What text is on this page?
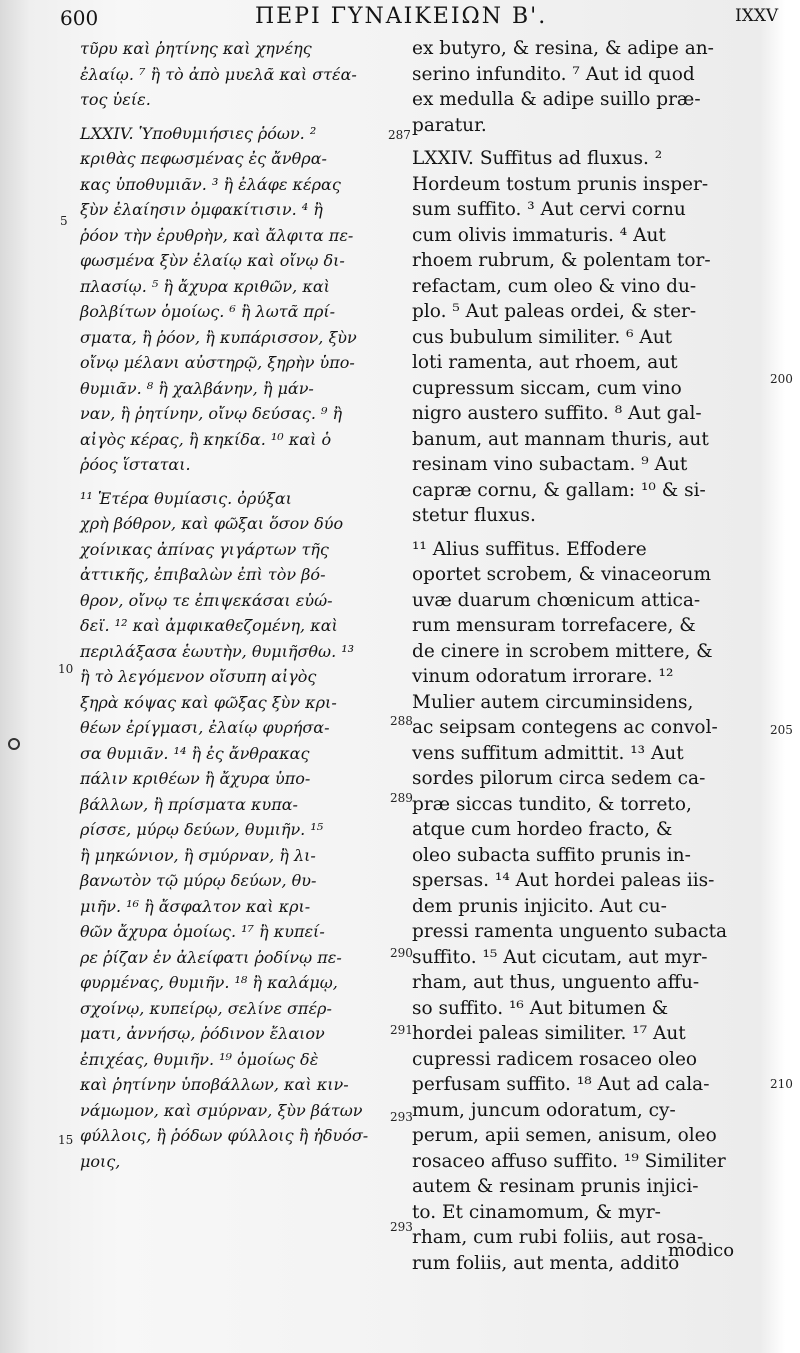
600	ΠΕΡΙ ΓΥΝΑΙΚΕΙΩΝ Β'.	ΙΧΧV
τῦρυ καὶ ῥητίνης καὶ χηνέης
ἐλαίῳ. ⁷ ἢ τὸ ἀπὸ μυελᾶ καὶ στέα-
τος ὑείε.
LXXIV. Ὑποθυμιήσιες ῥόων. ²
κριθὰς πεφωσμένας ἐς ἄνθρα-
κας ὑποθυμιᾶν. ³ ἢ ἐλάφε κέρας
ξὺν ἐλαίησιν ὀμφακίτισιν. ⁴ ἢ
ῥόον τὴν ἐρυθρὴν, καὶ ἄλφιτα πε-
φωσμένα ξὺν ἐλαίῳ καὶ οἴνῳ δι-
πλασίῳ. ⁵ ἢ ἄχυρα κριθῶν, καὶ
βολβίτων ὁμοίως. ⁶ ἢ λωτᾶ πρί-
σματα, ἢ ῥόον, ἢ κυπάρισσον, ξὺν
οἴνῳ μέλανι αὐστηρῷ, ξηρὴν ὑπο-
θυμιᾶν. ⁸ ἢ χαλβάνην, ἢ μάν-
ναν, ἢ ῥητίνην, οἴνῳ δεύσας. ⁹ ἢ
αἰγὸς κέρας, ἢ κηκίδα. ¹⁰ καὶ ὁ
ῥόος ἵσταται.
¹¹ Ἑτέρα θυμίασις. ὀρύξαι
χρὴ βόθρον, καὶ φῶξαι ὅσον δύο
χοίνικας ἀπίνας γιγάρτων τῆς
ἀττικῆς, ἐπιβαλὼν ἐπὶ τὸν βό-
θρον, οἴνῳ τε ἐπιψεκάσαι εὐώ-
δεϊ. ¹² καὶ ἀμφικαθεζομένη, καὶ
περιλάξασα ἑωυτὴν, θυμιῆσθω. ¹³
ἢ τὸ λεγόμενον οἴσυπη αἰγὸς
ξηρὰ κόψας καὶ φῶξας ξὺν κρι-
θέων ἐρίγμασι, ἐλαίῳ φυρήσα-
σα θυμιᾶν. ¹⁴ ἢ ἐς ἄνθρακας
πάλιν κριθέων ἢ ἄχυρα ὑπο-
βάλλων, ἢ πρίσματα κυπα-
ρίσσε, μύρῳ δεύων, θυμιῆν. ¹⁵
ἢ μηκώνιον, ἢ σμύρναν, ἢ λι-
βανωτὸν τῷ μύρῳ δεύων, θυ-
μιῆν. ¹⁶ ἢ ἄσφαλτον καὶ κρι-
θῶν ἄχυρα ὁμοίως. ¹⁷ ἢ κυπεί-
ρε ῥίζαν ἐν ἀλείφατι ῥοδίνῳ πε-
φυρμένας, θυμιῆν. ¹⁸ ἢ καλάμῳ,
σχοίνῳ, κυπείρῳ, σελίνε σπέρ-
ματι, ἀννήσῳ, ῥόδινον ἔλαιον
ἐπιχέας, θυμιῆν. ¹⁹ ὁμοίως δὲ
καὶ ῥητίνην ὑποβάλλων, καὶ κιν-
νάμωμον, καὶ σμύρναν, ξὺν βάτων
φύλλοις, ἢ ῥόδων φύλλοις ἢ ἡδυόσ-
μοις,
ex butyro, & resina, & adipe an-
serino infundito. ⁷ Aut id quod
ex medulla & adipe suillo præ-
paratur.
LXXIV. Suffitus ad fluxus. ²
Hordeum tostum prunis insper-
sum suffito. ³ Aut cervi cornu
cum olivis immaturis. ⁴ Aut
rhoem rubrum, & polentam tor-
refactam, cum oleo & vino du-
plo. ⁵ Aut paleas ordei, & ster-
cus bubulum similiter. ⁶ Aut
loti ramenta, aut rhoem, aut
cupressum siccam, cum vino
nigro austero suffito. ⁸ Aut gal-
banum, aut mannam thuris, aut
resinam vino subactam. ⁹ Aut
capræ cornu, & gallam: ¹⁰ & si-
stetur fluxus.
¹¹ Alius suffitus. Effodere
oportet scrobem, & vinaceorum
uvæ duarum chœnicum attica-
rum mensuram torrefacere, &
de cinere in scrobem mittere, &
vinum odoratum irrorare. ¹²
Mulier autem circuminsidens,
ac seipsam contegens ac convol-
vens suffitum admittit. ¹³ Aut
sordes pilorum circa sedem ca-
præ siccas tundito, & torreto,
atque cum hordeo fracto, &
oleo subacta suffito prunis in-
spersas. ¹⁴ Aut hordei paleas iis-
dem prunis injicito. Aut cu-
pressi ramenta unguento subacta
suffito. ¹⁵ Aut cicutam, aut myr-
rham, aut thus, unguento affu-
so suffito. ¹⁶ Aut bitumen &
hordei paleas similiter. ¹⁷ Aut
cupressi radicem rosaceo oleo
perfusam suffito. ¹⁸ Aut ad cala-
mum, juncum odoratum, cy-
perum, apii semen, anisum, oleo
rosaceo affuso suffito. ¹⁹ Similiter
autem & resinam prunis injici-
to. Et cinamomum, & myr-
rham, cum rubi foliis, aut rosa-
rum foliis, aut menta, addito
5
10
15
287
288
289
290
291
293
293
200
205
210
modico
